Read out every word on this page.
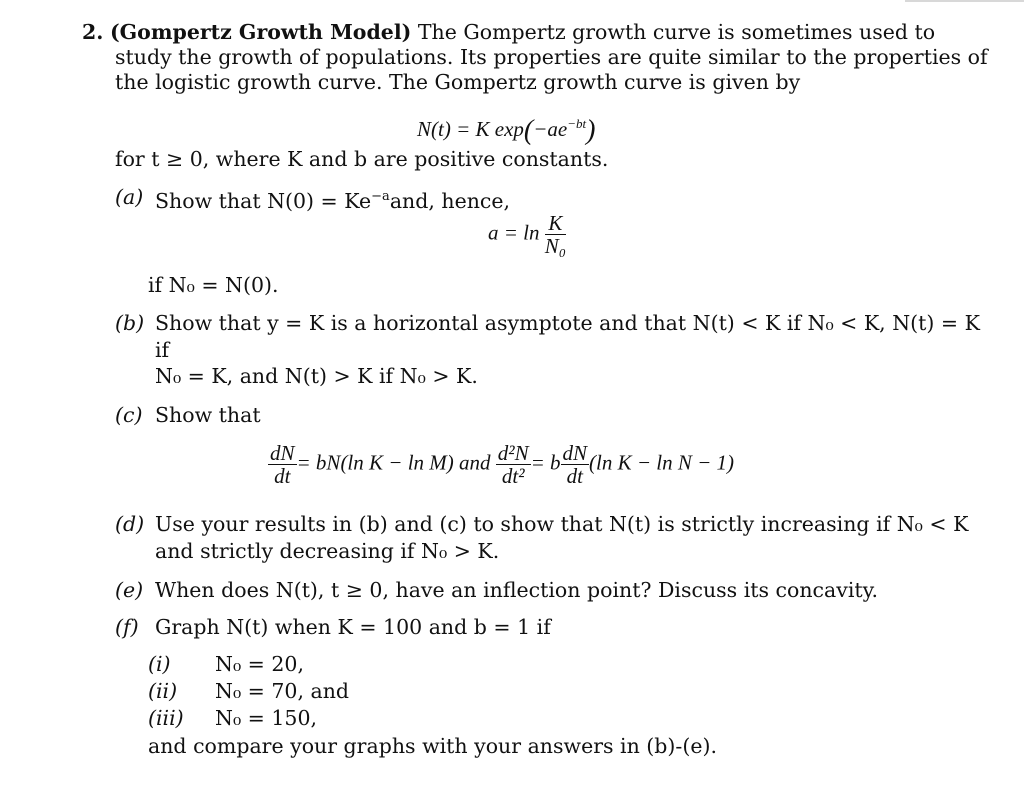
2. (Gompertz Growth Model) The Gompertz growth curve is sometimes used to
study the growth of populations. Its properties are quite similar to the properties of
the logistic growth curve. The Gompertz growth curve is given by
N(t) = K $\exp(-ae^{-bt})$
for t ≥ 0, where K and b are positive constants.
(a) Show that $N(0) = Ke^{-a}and$, hence,
$a = \ln \frac{K}{\text{N₀}}$
if N₀ = N(0).
(b) Show that y = K is a horizontal asymptote and that N(t) < K if N₀ < K, N(t) = K
if
N₀ = K, and N(t) > K if N₀ > K.
(c) Show that
$\frac{dN}{dt} = bN(\ln$ K − ln M) and $\frac{\text{d²N}}{\text{dt²}} = b \frac{dN}{dt} (\ln$ K − ln N − 1)
(d) Use your results in (b) and (c) to show that N(t) is strictly increasing if N₀ < K
and strictly decreasing if N₀ > K.
(e) When does N(t), t ≥ 0, have an inflection point? Discuss its concavity.
(f) Graph N(t) when K = 100 and b = 1 if
(i) N₀ = 20,
(ii) N₀ = 70, and
(iii) N₀ = 150,
and compare your graphs with your answers in (b)-(e).
